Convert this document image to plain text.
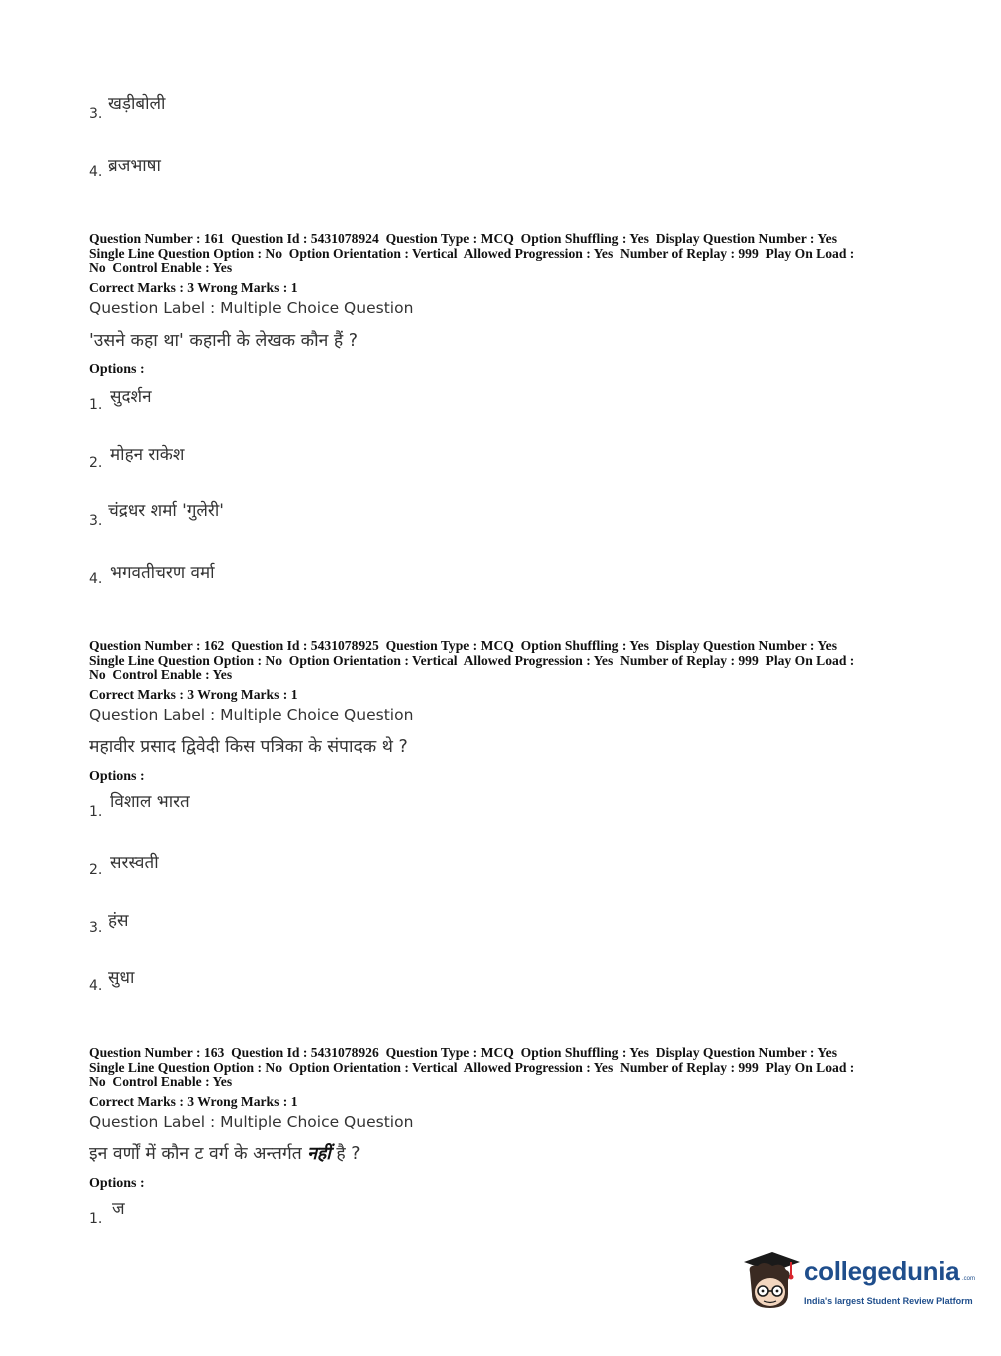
3. खड़ीबोली
4. ब्रजभाषा
Question Number : 161  Question Id : 5431078924  Question Type : MCQ  Option Shuffling : Yes  Display Question Number : Yes
Single Line Question Option : No  Option Orientation : Vertical  Allowed Progression : Yes  Number of Replay : 999  Play On Load :
No  Control Enable : Yes
Correct Marks : 3 Wrong Marks : 1
Question Label : Multiple Choice Question
'उसने कहा था' कहानी के लेखक कौन हैं ?
Options :
1. सुदर्शन
2. मोहन राकेश
3. चंद्रधर शर्मा 'गुलेरी'
4. भगवतीचरण वर्मा
Question Number : 162  Question Id : 5431078925  Question Type : MCQ  Option Shuffling : Yes  Display Question Number : Yes
Single Line Question Option : No  Option Orientation : Vertical  Allowed Progression : Yes  Number of Replay : 999  Play On Load :
No  Control Enable : Yes
Correct Marks : 3 Wrong Marks : 1
Question Label : Multiple Choice Question
महावीर प्रसाद द्विवेदी किस पत्रिका के संपादक थे ?
Options :
1. विशाल भारत
2. सरस्वती
3. हंस
4. सुधा
Question Number : 163  Question Id : 5431078926  Question Type : MCQ  Option Shuffling : Yes  Display Question Number : Yes
Single Line Question Option : No  Option Orientation : Vertical  Allowed Progression : Yes  Number of Replay : 999  Play On Load :
No  Control Enable : Yes
Correct Marks : 3 Wrong Marks : 1
Question Label : Multiple Choice Question
इन वर्णों में कौन ट वर्ग के अन्तर्गत नहीं है ?
Options :
1. ज
collegedunia .com
India's largest Student Review Platform
